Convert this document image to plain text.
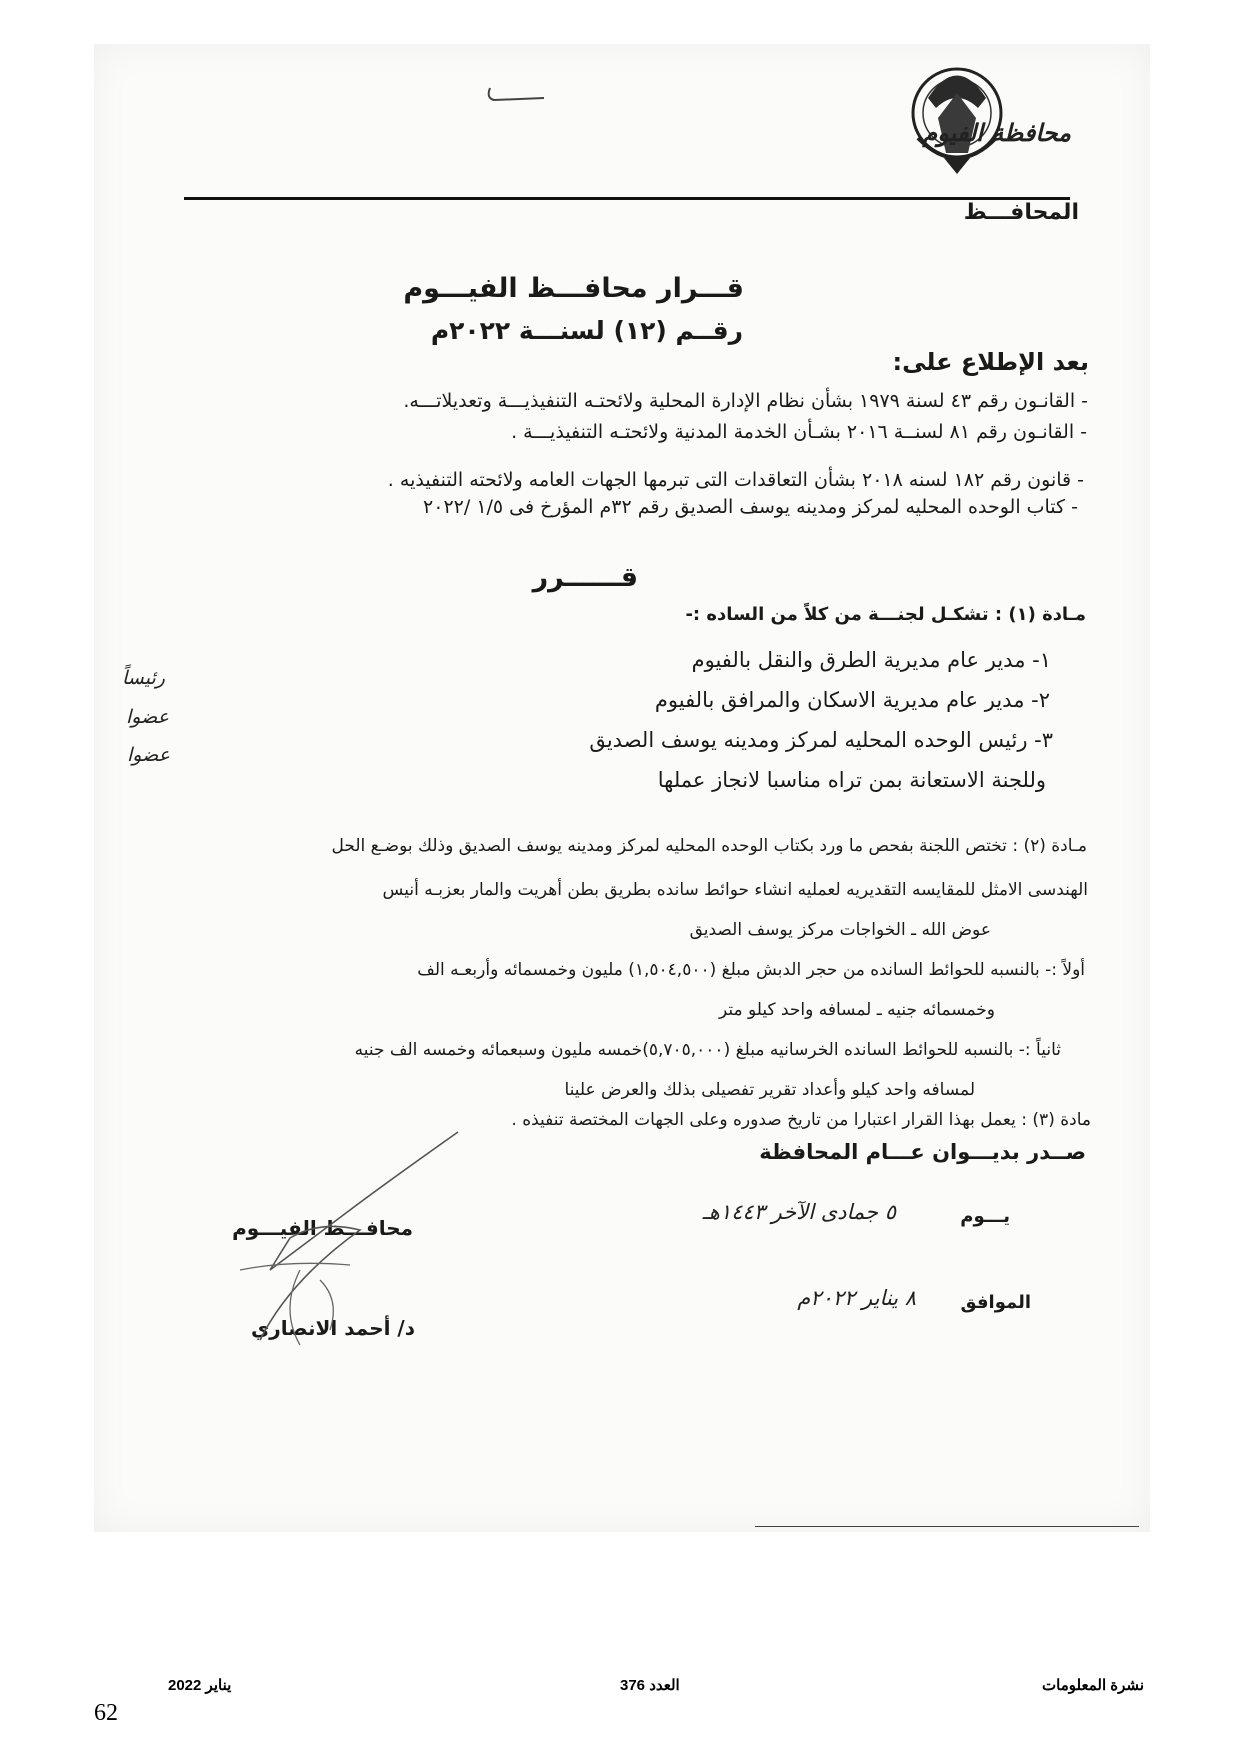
محافظة الفيوم
المحافـــظ
قـــرار محافـــظ الفيـــوم
رقــم (١٢) لسنـــة ٢٠٢٢م
بعد الإطلاع على:
- القانـون رقم ٤٣ لسنة ١٩٧٩ بشأن نظام الإدارة المحلية ولائحتـه التنفيذيـــة وتعديلاتـــه.
- القانـون رقم ٨١ لسنــة ٢٠١٦ بشـأن الخدمة المدنية ولائحتـه التنفيذيـــة .
- قانون رقم ١٨٢ لسنه ٢٠١٨ بشأن التعاقدات التى تبرمها الجهات العامه ولائحته التنفيذيه .
- كتاب الوحده المحليه لمركز ومدينه يوسف الصديق رقم ٣٢م المؤرخ فى ١/٥ /٢٠٢٢
قــــــرر
مـادة (١) : تشكـل لجنـــة من كلاً من الساده :-
١- مدير عام مديرية الطرق والنقل بالفيوم
٢- مدير عام مديرية الاسكان والمرافق بالفيوم
٣- رئيس الوحده المحليه لمركز ومدينه يوسف الصديق
وللجنة الاستعانة بمن تراه مناسبا لانجاز عملها
رئيساً
عضوا
عضوا
مـادة (٢) : تختص اللجنة بفحص ما ورد بكتاب الوحده المحليه لمركز ومدينه يوسف الصديق وذلك بوضـع الحل
الهندسى الامثل للمقايسه التقديريه لعمليه انشاء حوائط سانده بطريق بطن أهريت والمار بعزبـه أنيس
عوض الله ـ الخواجات مركز يوسف الصديق
أولاً :- بالنسبه للحوائط السانده من حجر الدبش مبلغ (١,٥٠٤,٥٠٠) مليون وخمسمائه وأربعـه الف
وخمسمائه جنيه ـ لمسافه واحد كيلو متر
ثانياً :- بالنسبه للحوائط السانده الخرسانيه مبلغ (٥,٧٠٥,٠٠٠)خمسه مليون وسبعمائه وخمسه الف جنيه
لمسافه واحد كيلو وأعداد تقرير تفصيلى بذلك والعرض علينا
مادة (٣) : يعمل بهذا القرار اعتبارا من تاريخ صدوره وعلى الجهات المختصة تنفيذه .
صــدر بديـــوان عـــام المحافظة
يـــوم
٥ جمادى الآخر ١٤٤٣هـ
الموافق
٨ يناير ٢٠٢٢م
محافـــظ الفيـــوم
د/ أحمد الانصاري
نشرة المعلومات
العدد 376
يناير 2022
62
